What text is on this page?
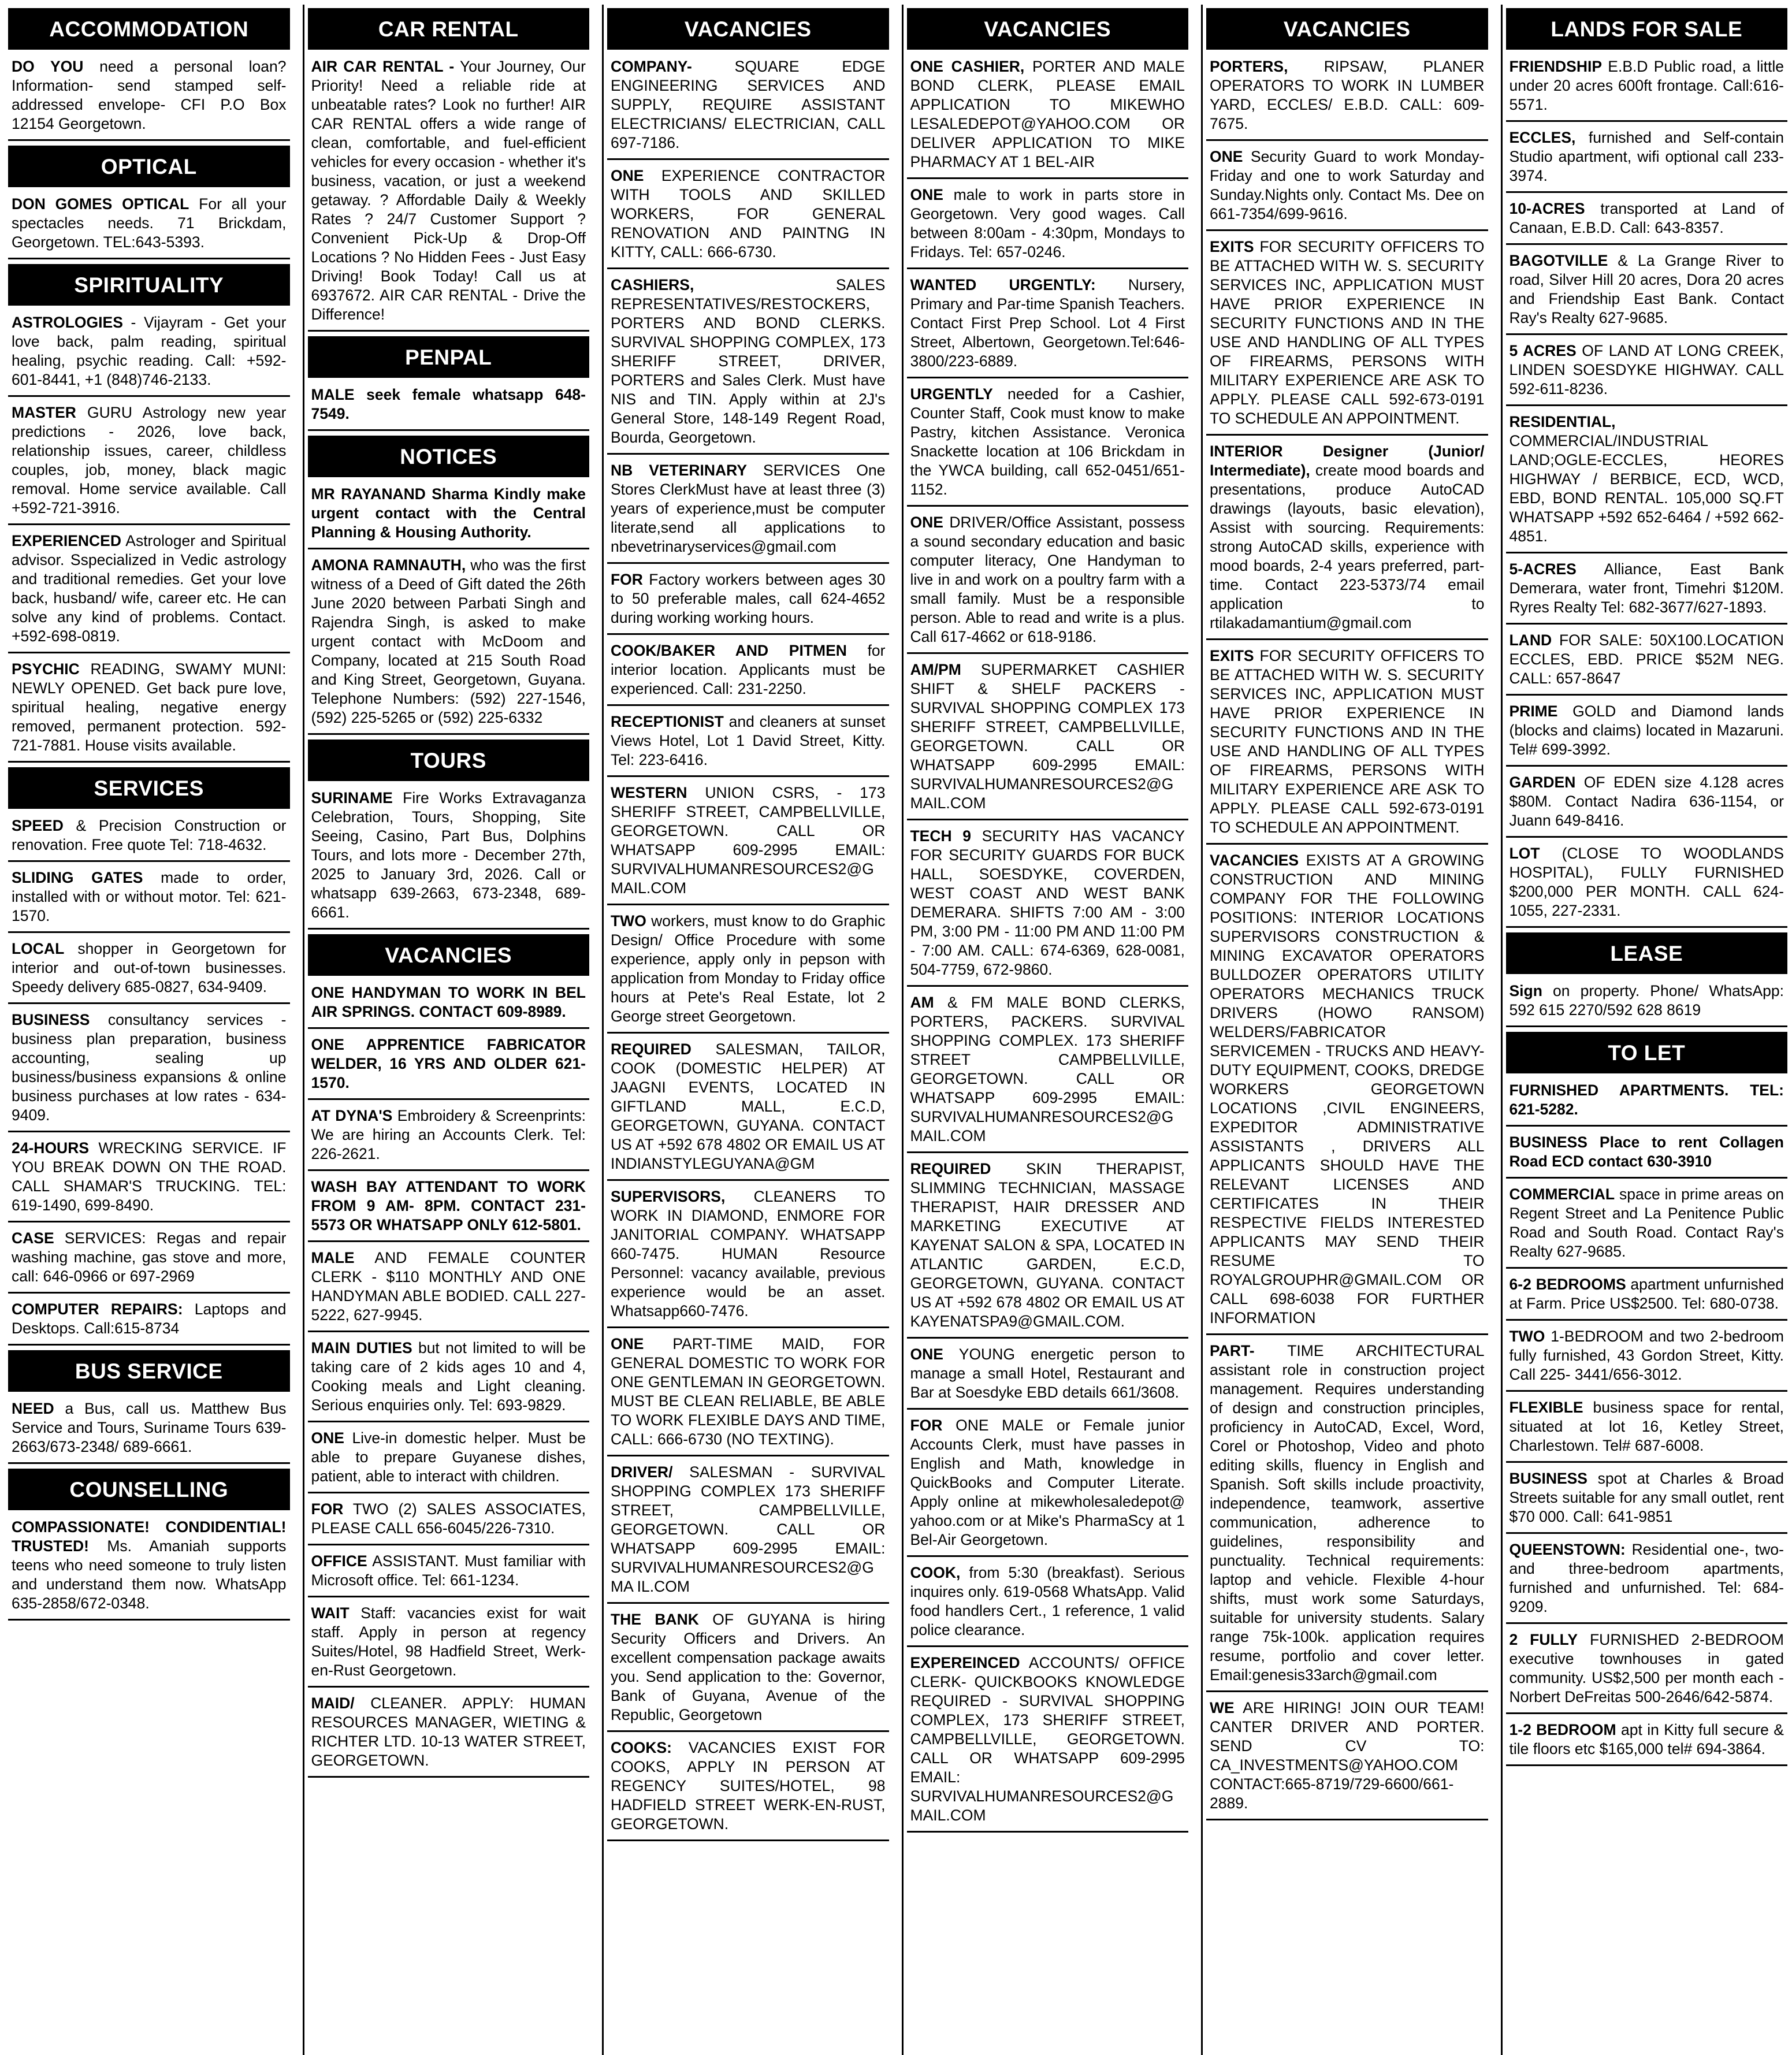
ACCOMMODATION
DO YOU need a personal loan? Information- send stamped self-addressed envelope- CFI P.O Box 12154 Georgetown.
OPTICAL
DON GOMES OPTICAL For all your spectacles needs. 71 Brickdam, Georgetown. TEL:643-5393.
SPIRITUALITY
ASTROLOGIES - Vijayram - Get your love back, palm reading, spiritual healing, psychic reading. Call: +592-601-8441, +1 (848)746-2133.
MASTER GURU Astrology new year predictions - 2026, love back, relationship issues, career, childless couples, job, money, black magic removal. Home service available. Call +592-721-3916.
EXPERIENCED Astrologer and Spiritual advisor. Sspecialized in Vedic astrology and traditional remedies. Get your love back, husband/ wife, career etc. He can solve any kind of problems. Contact. +592-698-0819.
PSYCHIC READING, SWAMY MUNI: NEWLY OPENED. Get back pure love, spiritual healing, negative energy removed, permanent protection. 592-721-7881. House visits available.
SERVICES
SPEED & Precision Construction or renovation. Free quote Tel: 718-4632.
SLIDING GATES made to order, installed with or without motor. Tel: 621-1570.
LOCAL shopper in Georgetown for interior and out-of-town businesses. Speedy delivery 685-0827, 634-9409.
BUSINESS consultancy services - business plan preparation, business accounting, sealing up business/business expansions & online business purchases at low rates - 634-9409.
24-HOURS WRECKING SERVICE. IF YOU BREAK DOWN ON THE ROAD. CALL SHAMAR'S TRUCKING. TEL: 619-1490, 699-8490.
CASE SERVICES: Regas and repair washing machine, gas stove and more, call: 646-0966 or 697-2969
COMPUTER REPAIRS: Laptops and Desktops. Call:615-8734
BUS SERVICE
NEED a Bus, call us. Matthew Bus Service and Tours, Suriname Tours 639-2663/673-2348/ 689-6661.
COUNSELLING
COMPASSIONATE! CONDIDENTIAL! TRUSTED! Ms. Amaniah supports teens who need someone to truly listen and understand them now. WhatsApp 635-2858/672-0348.
CAR RENTAL
AIR CAR RENTAL - Your Journey, Our Priority! Need a reliable ride at unbeatable rates? Look no further! AIR CAR RENTAL offers a wide range of clean, comfortable, and fuel-efficient vehicles for every occasion - whether it's business, vacation, or just a weekend getaway. ? Affordable Daily & Weekly Rates ? 24/7 Customer Support ? Convenient Pick-Up & Drop-Off Locations ? No Hidden Fees - Just Easy Driving! Book Today! Call us at 6937672. AIR CAR RENTAL - Drive the Difference!
PENPAL
MALE seek female whatsapp 648-7549.
NOTICES
MR RAYANAND Sharma Kindly make urgent contact with the Central Planning & Housing Authority.
AMONA RAMNAUTH, who was the first witness of a Deed of Gift dated the 26th June 2020 between Parbati Singh and Rajendra Singh, is asked to make urgent contact with McDoom and Company, located at 215 South Road and King Street, Georgetown, Guyana. Telephone Numbers: (592) 227-1546, (592) 225-5265 or (592) 225-6332
TOURS
SURINAME Fire Works Extravaganza Celebration, Tours, Shopping, Site Seeing, Casino, Part Bus, Dolphins Tours, and lots more - December 27th, 2025 to January 3rd, 2026. Call or whatsapp 639-2663, 673-2348, 689-6661.
VACANCIES
ONE HANDYMAN TO WORK IN BEL AIR SPRINGS. CONTACT 609-8989.
ONE APPRENTICE FABRICATOR WELDER, 16 YRS AND OLDER 621-1570.
AT DYNA'S Embroidery & Screenprints: We are hiring an Accounts Clerk. Tel: 226-2621.
WASH BAY ATTENDANT TO WORK FROM 9 AM- 8PM. CONTACT 231-5573 OR WHATSAPP ONLY 612-5801.
MALE AND FEMALE COUNTER CLERK - $110 MONTHLY AND ONE HANDYMAN ABLE BODIED. CALL 227-5222, 627-9945.
MAIN DUTIES but not limited to will be taking care of 2 kids ages 10 and 4, Cooking meals and Light cleaning. Serious enquiries only. Tel: 693-9829.
ONE Live-in domestic helper. Must be able to prepare Guyanese dishes, patient, able to interact with children.
FOR TWO (2) SALES ASSOCIATES, PLEASE CALL 656-6045/226-7310.
OFFICE ASSISTANT. Must familiar with Microsoft office. Tel: 661-1234.
WAIT Staff: vacancies exist for wait staff. Apply in person at regency Suites/Hotel, 98 Hadfield Street, Werk-en-Rust Georgetown.
MAID/ CLEANER. APPLY: HUMAN RESOURCES MANAGER, WIETING & RICHTER LTD. 10-13 WATER STREET, GEORGETOWN.
VACANCIES
COMPANY-	SQUARE EDGE ENGINEERING SERVICES AND SUPPLY, REQUIRE ASSISTANT ELECTRICIANS/ ELECTRICIAN, CALL 697-7186.
ONE EXPERIENCE CONTRACTOR WITH TOOLS AND SKILLED WORKERS, FOR GENERAL RENOVATION AND PAINTNG IN KITTY, CALL: 666-6730.
CASHIERS,	SALES REPRESENTATIVES/RESTOCKERS, PORTERS AND BOND CLERKS. SURVIVAL SHOPPING COMPLEX, 173 SHERIFF STREET, DRIVER, PORTERS and Sales Clerk. Must have NIS and TIN. Apply within at 2J's General Store, 148-149 Regent Road, Bourda, Georgetown.
NB VETERINARY SERVICES One Stores ClerkMust have at least three (3) years of experience,must be computer literate,send all applications to nbevetrinaryservices@gmail.com
FOR Factory workers between ages 30 to 50 preferable males, call 624-4652 during working working hours.
COOK/BAKER AND PITMEN for interior location. Applicants must be experienced. Call: 231-2250.
RECEPTIONIST and cleaners at sunset Views Hotel, Lot 1 David Street, Kitty. Tel: 223-6416.
WESTERN UNION CSRS, - 173 SHERIFF STREET, CAMPBELLVILLE, GEORGETOWN. CALL OR WHATSAPP 609-2995 EMAIL: SURVIVALHUMANRESOURCES2@GMAIL.COM
TWO workers, must know to do Graphic Design/ Office Procedure with some experience, apply only in pepson with application from Monday to Friday office hours at Pete's Real Estate, lot 2 George street Georgetown.
REQUIRED SALESMAN, TAILOR, COOK (DOMESTIC HELPER) AT JAAGNI EVENTS, LOCATED IN GIFTLAND MALL, E.C.D, GEORGETOWN, GUYANA. CONTACT US AT +592 678 4802 OR EMAIL US AT INDIANSTYLEGUYANA@GM
SUPERVISORS, CLEANERS TO WORK IN DIAMOND, ENMORE FOR JANITORIAL COMPANY. WHATSAPP 660-7475. HUMAN Resource Personnel: vacancy available, previous experience would be an asset. Whatsapp660-7476.
ONE PART-TIME MAID, FOR GENERAL DOMESTIC TO WORK FOR ONE GENTLEMAN IN GEORGETOWN. MUST BE CLEAN RELIABLE, BE ABLE TO WORK FLEXIBLE DAYS AND TIME, CALL: 666-6730 (NO TEXTING).
DRIVER/ SALESMAN - SURVIVAL SHOPPING COMPLEX 173 SHERIFF STREET, CAMPBELLVILLE, GEORGETOWN. CALL OR WHATSAPP 609-2995 EMAIL: SURVIVALHUMANRESOURCES2@GMA IL.COM
THE BANK OF GUYANA is hiring Security Officers and Drivers. An excellent compensation package awaits you. Send application to the: Governor, Bank of Guyana, Avenue of the Republic, Georgetown
COOKS: VACANCIES EXIST FOR COOKS, APPLY IN PERSON AT REGENCY SUITES/HOTEL, 98 HADFIELD STREET WERK-EN-RUST, GEORGETOWN.
VACANCIES
ONE CASHIER, PORTER AND MALE BOND CLERK, PLEASE EMAIL APPLICATION TO MIKEWHO LESALEDEPOT@YAHOO.COM OR DELIVER APPLICATION TO MIKE PHARMACY AT 1 BEL-AIR
ONE male to work in parts store in Georgetown. Very good wages. Call between 8:00am - 4:30pm, Mondays to Fridays. Tel: 657-0246.
WANTED URGENTLY: Nursery, Primary and Par-time Spanish Teachers. Contact First Prep School. Lot 4 First Street, Albertown, Georgetown.Tel:646-3800/223-6889.
URGENTLY needed for a Cashier, Counter Staff, Cook must know to make Pastry, kitchen Assistance. Veronica Snackette location at 106 Brickdam in the YWCA building, call 652-0451/651-1152.
ONE DRIVER/Office Assistant, possess a sound secondary education and basic computer literacy, One Handyman to live in and work on a poultry farm with a small family. Must be a responsible person. Able to read and write is a plus. Call 617-4662 or 618-9186.
AM/PM SUPERMARKET CASHIER SHIFT & SHELF PACKERS - SURVIVAL SHOPPING COMPLEX 173 SHERIFF STREET, CAMPBELLVILLE, GEORGETOWN. CALL OR WHATSAPP 609-2995 EMAIL: SURVIVALHUMANRESOURCES2@GMAIL.COM
TECH 9 SECURITY HAS VACANCY FOR SECURITY GUARDS FOR BUCK HALL, SOESDYKE, COVERDEN, WEST COAST AND WEST BANK DEMERARA. SHIFTS 7:00 AM - 3:00 PM, 3:00 PM - 11:00 PM AND 11:00 PM - 7:00 AM. CALL: 674-6369, 628-0081, 504-7759, 672-9860.
AM & FM MALE BOND CLERKS, PORTERS, PACKERS. SURVIVAL SHOPPING COMPLEX. 173 SHERIFF STREET CAMPBELLVILLE, GEORGETOWN. CALL OR WHATSAPP 609-2995 EMAIL: SURVIVALHUMANRESOURCES2@GMAIL.COM
REQUIRED SKIN THERAPIST, SLIMMING TECHNICIAN, MASSAGE THERAPIST, HAIR DRESSER AND MARKETING EXECUTIVE AT KAYENAT SALON & SPA, LOCATED IN ATLANTIC GARDEN, E.C.D, GEORGETOWN, GUYANA. CONTACT US AT +592 678 4802 OR EMAIL US AT KAYENATSPA9@GMAIL.COM.
ONE YOUNG energetic person to manage a small Hotel, Restaurant and Bar at Soesdyke EBD details 661/3608.
FOR ONE MALE or Female junior Accounts Clerk, must have passes in English and Math, knowledge in QuickBooks and Computer Literate. Apply online at mikewholesaledepot@ yahoo.com or at Mike's PharmaScy at 1 Bel-Air Georgetown.
COOK, from 5:30 (breakfast). Serious inquires only. 619-0568 WhatsApp. Valid food handlers Cert., 1 reference, 1 valid police clearance.
EXPEREINCED ACCOUNTS/ OFFICE CLERK- QUICKBOOKS KNOWLEDGE REQUIRED - SURVIVAL SHOPPING COMPLEX, 173 SHERIFF STREET, CAMPBELLVILLE, GEORGETOWN. CALL OR WHATSAPP 609-2995 EMAIL: SURVIVALHUMANRESOURCES2@GMAIL.COM
VACANCIES
PORTERS, RIPSAW, PLANER OPERATORS TO WORK IN LUMBER YARD, ECCLES/ E.B.D. CALL: 609-7675.
ONE Security Guard to work Monday-Friday and one to work Saturday and Sunday.Nights only. Contact Ms. Dee on 661-7354/699-9616.
EXITS FOR SECURITY OFFICERS TO BE ATTACHED WITH W. S. SECURITY SERVICES INC, APPLICATION MUST HAVE PRIOR EXPERIENCE IN SECURITY FUNCTIONS AND IN THE USE AND HANDLING OF ALL TYPES OF FIREARMS, PERSONS WITH MILITARY EXPERIENCE ARE ASK TO APPLY. PLEASE CALL 592-673-0191 TO SCHEDULE AN APPOINTMENT.
INTERIOR Designer (Junior/ Intermediate), create mood boards and presentations, produce AutoCAD drawings (layouts, basic elevation), Assist with sourcing. Requirements: strong AutoCAD skills, experience with mood boards, 2-4 years preferred, part-time. Contact 223-5373/74 email application to rtilakadamantium@gmail.com
EXITS FOR SECURITY OFFICERS TO BE ATTACHED WITH W. S. SECURITY SERVICES INC, APPLICATION MUST HAVE PRIOR EXPERIENCE IN SECURITY FUNCTIONS AND IN THE USE AND HANDLING OF ALL TYPES OF FIREARMS, PERSONS WITH MILITARY EXPERIENCE ARE ASK TO APPLY. PLEASE CALL 592-673-0191 TO SCHEDULE AN APPOINTMENT.
VACANCIES EXISTS AT A GROWING CONSTRUCTION AND MINING COMPANY FOR THE FOLLOWING POSITIONS: INTERIOR LOCATIONS SUPERVISORS CONSTRUCTION & MINING EXCAVATOR OPERATORS BULLDOZER OPERATORS UTILITY OPERATORS MECHANICS TRUCK DRIVERS (HOWO RANSOM) WELDERS/FABRICATOR SERVICEMEN - TRUCKS AND HEAVY-DUTY EQUIPMENT, COOKS, DREDGE WORKERS GEORGETOWN LOCATIONS ,CIVIL ENGINEERS, EXPEDITOR ADMINISTRATIVE ASSISTANTS , DRIVERS ALL APPLICANTS SHOULD HAVE THE RELEVANT LICENSES AND CERTIFICATES IN THEIR RESPECTIVE FIELDS INTERESTED APPLICANTS MAY SEND THEIR RESUME TO ROYALGROUPHR@GMAIL.COM OR CALL 698-6038 FOR FURTHER INFORMATION
PART- TIME ARCHITECTURAL assistant role in construction project management. Requires understanding of design and construction principles, proficiency in AutoCAD, Excel, Word, Corel or Photoshop, Video and photo editing skills, fluency in English and Spanish. Soft skills include proactivity, independence, teamwork, assertive communication, adherence to guidelines, responsibility and punctuality. Technical requirements: laptop and vehicle. Flexible 4-hour shifts, must work some Saturdays, suitable for university students. Salary range 75k-100k. application requires resume, portfolio and cover letter. Email:genesis33arch@gmail.com
WE ARE HIRING! JOIN OUR TEAM! CANTER DRIVER AND PORTER. SEND CV TO: CA_INVESTMENTS@YAHOO.COM CONTACT:665-8719/729-6600/661-2889.
LANDS FOR SALE
FRIENDSHIP E.B.D Public road, a little under 20 acres 600ft frontage. Call:616-5571.
ECCLES, furnished and Self-contain Studio apartment, wifi optional call 233-3974.
10-ACRES transported at Land of Canaan, E.B.D. Call: 643-8357.
BAGOTVILLE & La Grange River to road, Silver Hill 20 acres, Dora 20 acres and Friendship East Bank. Contact Ray's Realty 627-9685.
5 ACRES OF LAND AT LONG CREEK, LINDEN SOESDYKE HIGHWAY. CALL 592-611-8236.
RESIDENTIAL, COMMERCIAL/INDUSTRIAL LAND;OGLE-ECCLES, HEORES HIGHWAY / BERBICE, ECD, WCD, EBD, BOND RENTAL. 105,000 SQ.FT WHATSAPP +592 652-6464 / +592 662-4851.
5-ACRES Alliance, East Bank Demerara, water front, Timehri $120M. Ryres Realty Tel: 682-3677/627-1893.
LAND FOR SALE: 50X100.LOCATION ECCLES, EBD. PRICE $52M NEG. CALL: 657-8647
PRIME GOLD and Diamond lands (blocks and claims) located in Mazaruni. Tel# 699-3992.
GARDEN OF EDEN size 4.128 acres $80M. Contact Nadira 636-1154, or Juann 649-8416.
LOT (CLOSE TO WOODLANDS HOSPITAL), FULLY FURNISHED $200,000 PER MONTH. CALL 624-1055, 227-2331.
LEASE
Sign on property. Phone/ WhatsApp: 592 615 2270/592 628 8619
TO LET
FURNISHED APARTMENTS. TEL: 621-5282.
BUSINESS Place to rent Collagen Road ECD contact 630-3910
COMMERCIAL space in prime areas on Regent Street and La Penitence Public Road and South Road. Contact Ray's Realty 627-9685.
6-2 BEDROOMS apartment unfurnished at Farm. Price US$2500. Tel: 680-0738.
TWO 1-BEDROOM and two 2-bedroom fully furnished, 43 Gordon Street, Kitty. Call 225- 3441/656-3012.
FLEXIBLE business space for rental, situated at lot 16, Ketley Street, Charlestown. Tel# 687-6008.
BUSINESS spot at Charles & Broad Streets suitable for any small outlet, rent $70 000. Call: 641-9851
QUEENSTOWN: Residential one-, two- and three-bedroom apartments, furnished and unfurnished. Tel: 684-9209.
2 FULLY FURNISHED 2-BEDROOM executive townhouses in gated community. US$2,500 per month each - Norbert DeFreitas 500-2646/642-5874.
1-2 BEDROOM apt in Kitty full secure & tile floors etc $165,000 tel# 694-3864.
